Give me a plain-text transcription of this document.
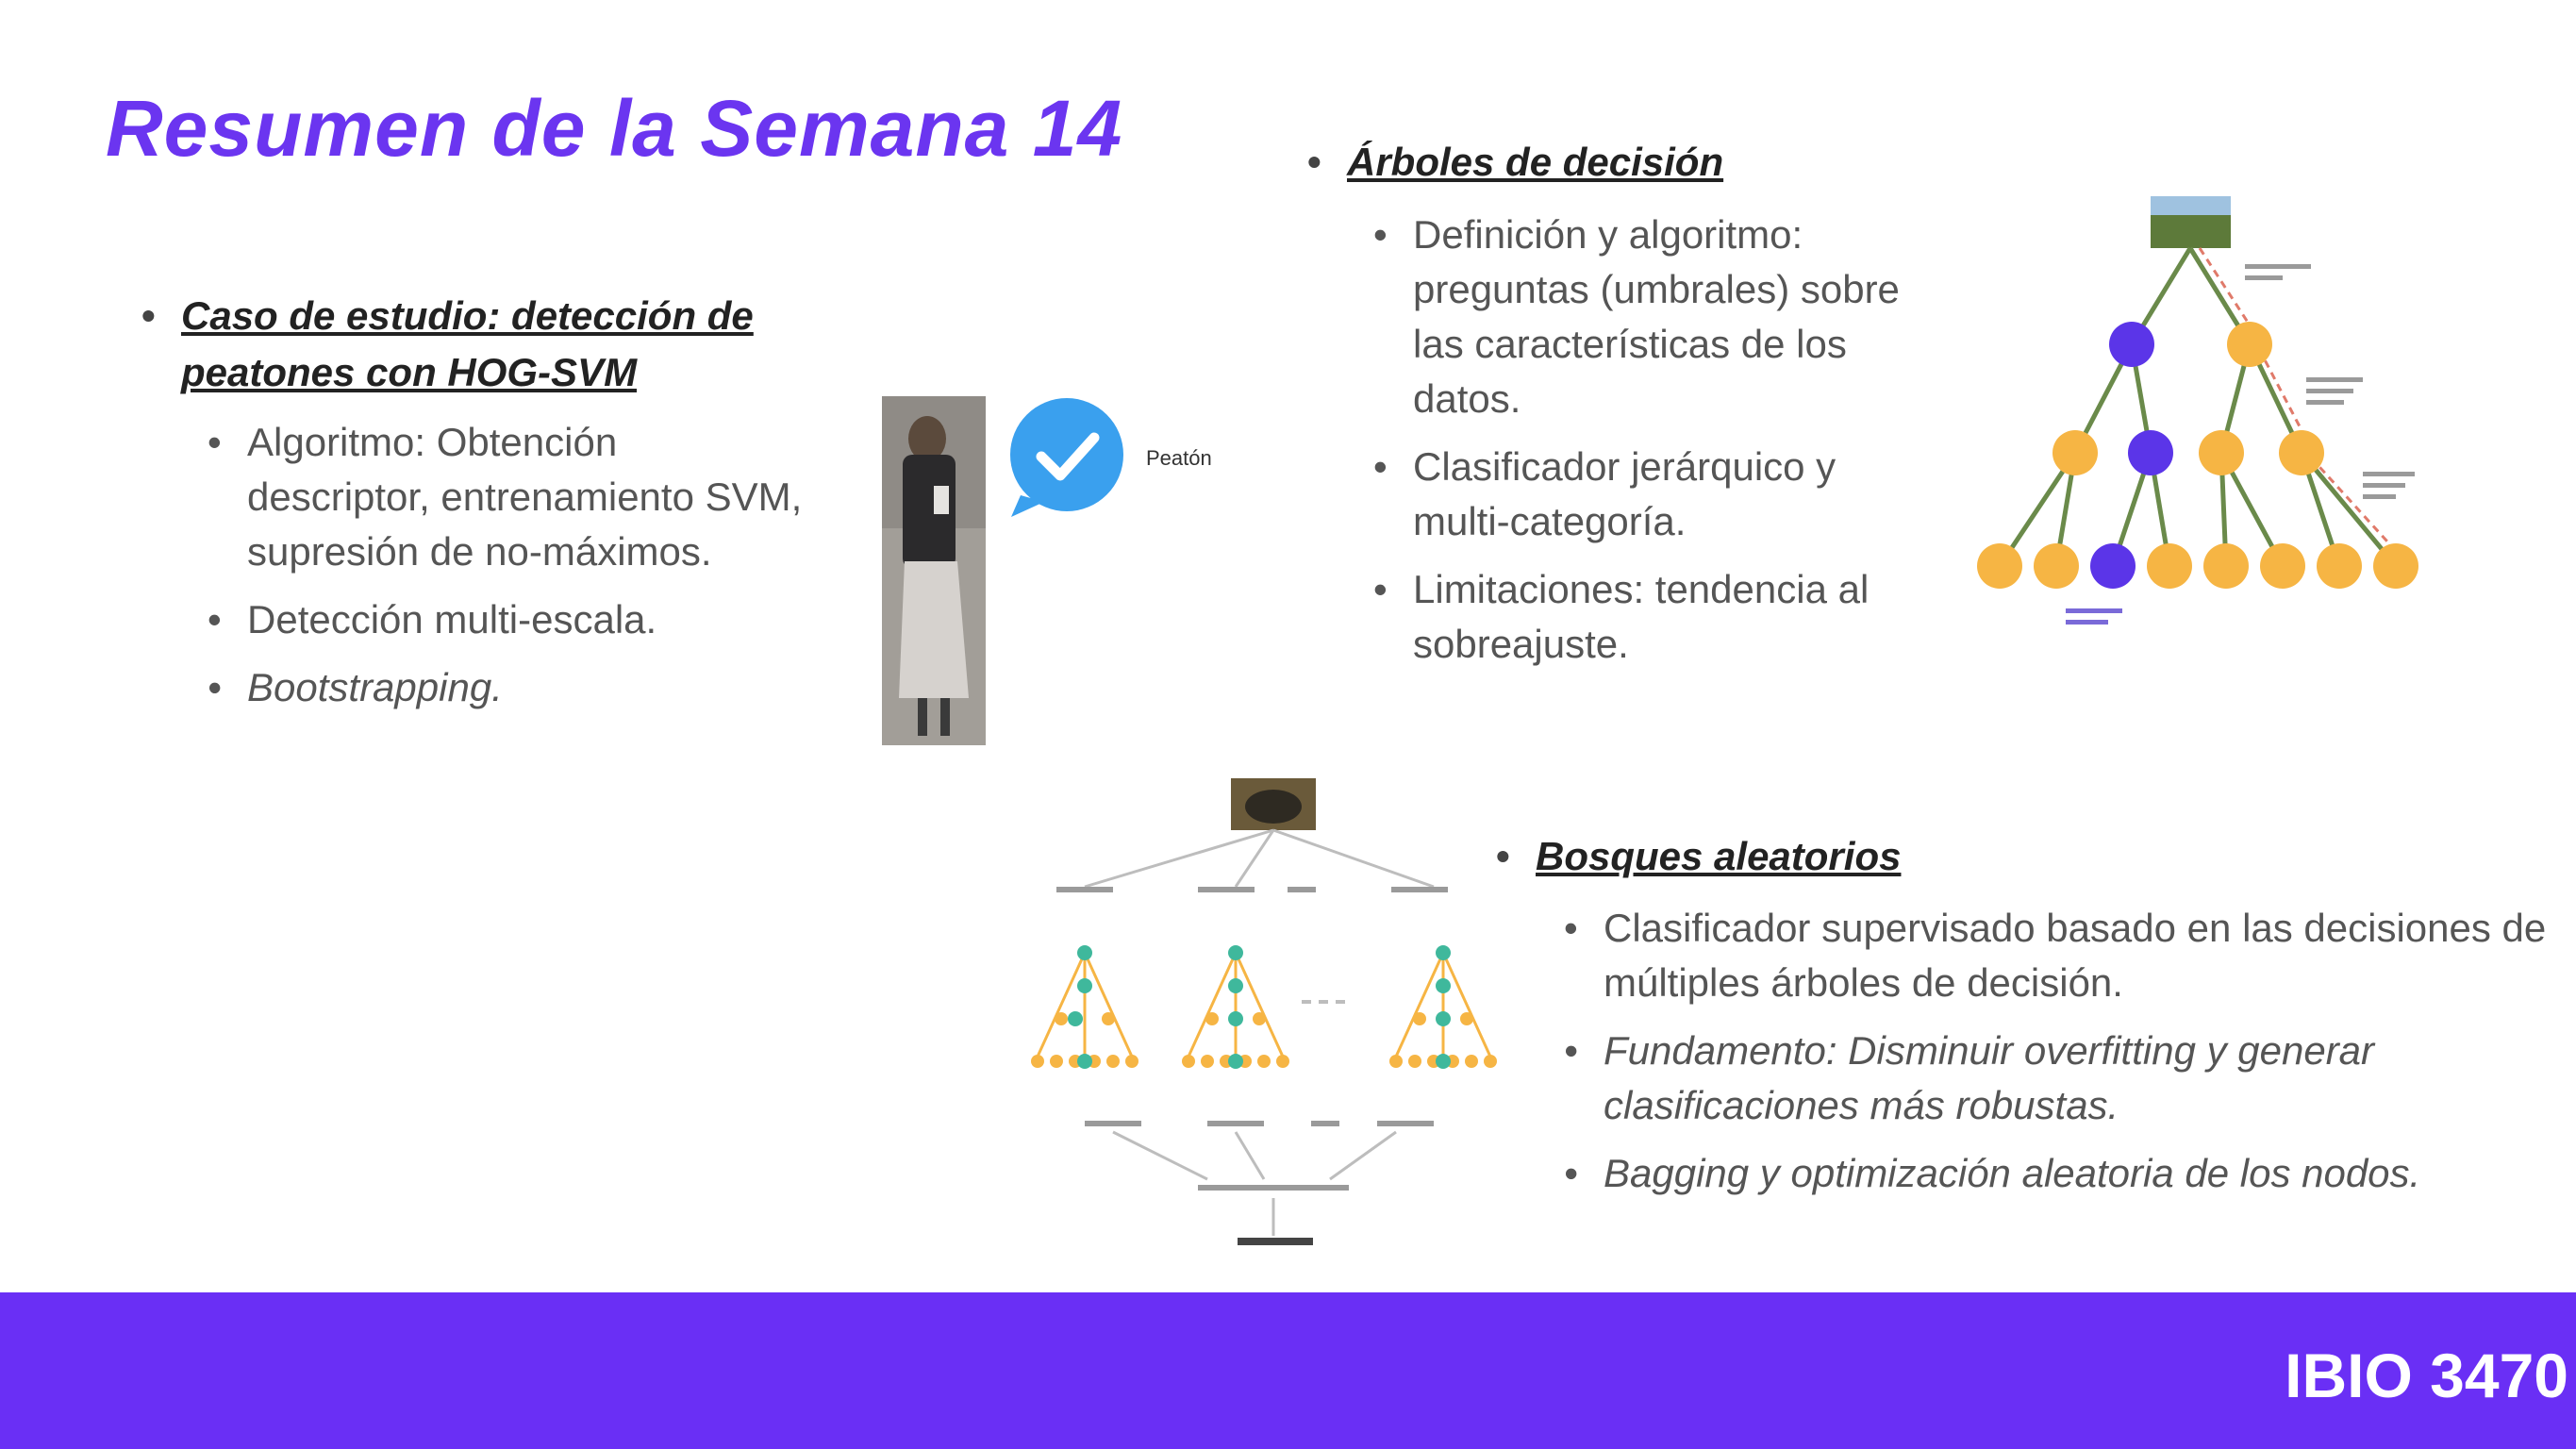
Resumen de la Semana 14
• Caso de estudio: detección de
peatones con HOG-SVM
• Algoritmo: Obtención descriptor, entrenamiento SVM, supresión de no-máximos.
• Detección multi-escala.
• Bootstrapping.
Peatón
• Árboles de decisión
• Definición y algoritmo: preguntas (umbrales) sobre las características de los datos.
• Clasificador jerárquico y multi-categoría.
• Limitaciones: tendencia al sobreajuste.
• Bosques aleatorios
• Clasificador supervisado basado en las decisiones de múltiples árboles de decisión.
• Fundamento: Disminuir overfitting y generar clasificaciones más robustas.
• Bagging y optimización aleatoria de los nodos.
IBIO 3470
